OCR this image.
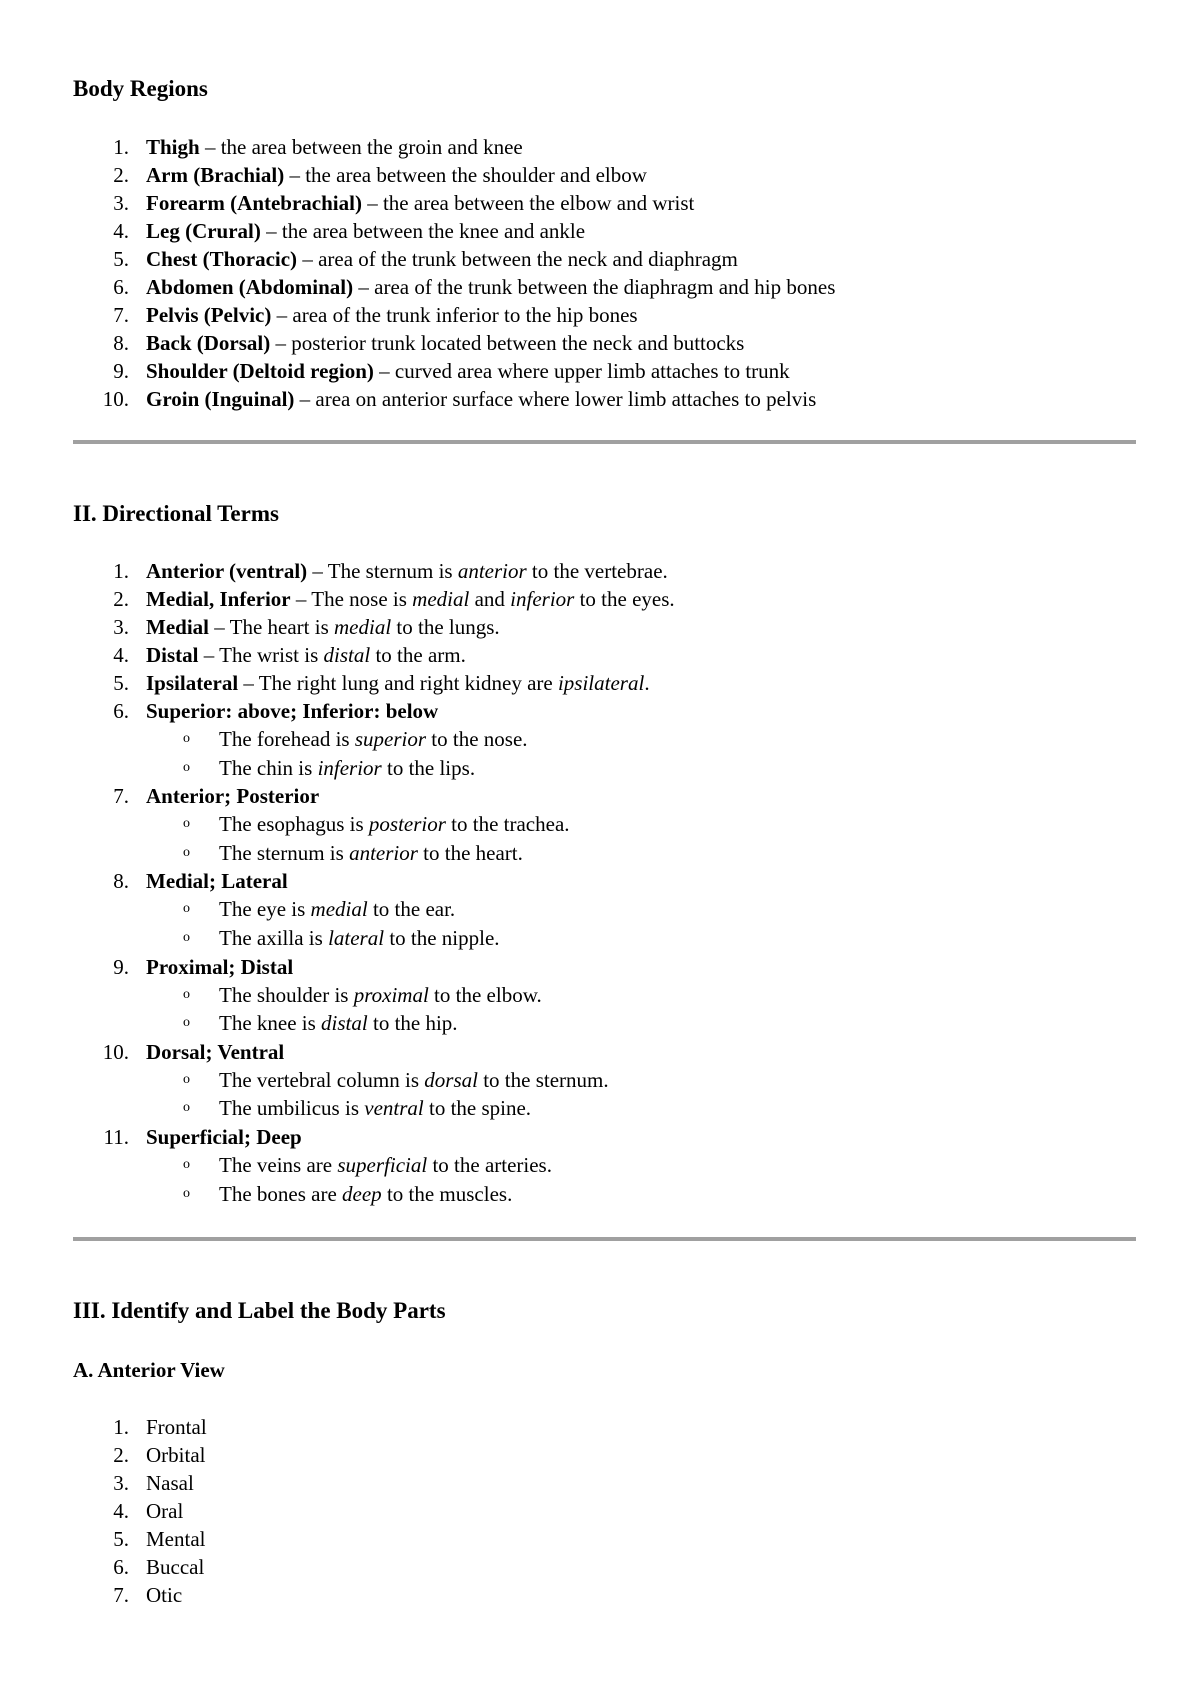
Body Regions
1. Thigh – the area between the groin and knee
2. Arm (Brachial) – the area between the shoulder and elbow
3. Forearm (Antebrachial) – the area between the elbow and wrist
4. Leg (Crural) – the area between the knee and ankle
5. Chest (Thoracic) – area of the trunk between the neck and diaphragm
6. Abdomen (Abdominal) – area of the trunk between the diaphragm and hip bones
7. Pelvis (Pelvic) – area of the trunk inferior to the hip bones
8. Back (Dorsal) – posterior trunk located between the neck and buttocks
9. Shoulder (Deltoid region) – curved area where upper limb attaches to trunk
10. Groin (Inguinal) – area on anterior surface where lower limb attaches to pelvis
II. Directional Terms
1. Anterior (ventral) – The sternum is anterior to the vertebrae.
2. Medial, Inferior – The nose is medial and inferior to the eyes.
3. Medial – The heart is medial to the lungs.
4. Distal – The wrist is distal to the arm.
5. Ipsilateral – The right lung and right kidney are ipsilateral.
6. Superior: above; Inferior: below
o The forehead is superior to the nose.
o The chin is inferior to the lips.
7. Anterior; Posterior
o The esophagus is posterior to the trachea.
o The sternum is anterior to the heart.
8. Medial; Lateral
o The eye is medial to the ear.
o The axilla is lateral to the nipple.
9. Proximal; Distal
o The shoulder is proximal to the elbow.
o The knee is distal to the hip.
10. Dorsal; Ventral
o The vertebral column is dorsal to the sternum.
o The umbilicus is ventral to the spine.
11. Superficial; Deep
o The veins are superficial to the arteries.
o The bones are deep to the muscles.
III. Identify and Label the Body Parts
A. Anterior View
1. Frontal
2. Orbital
3. Nasal
4. Oral
5. Mental
6. Buccal
7. Otic
